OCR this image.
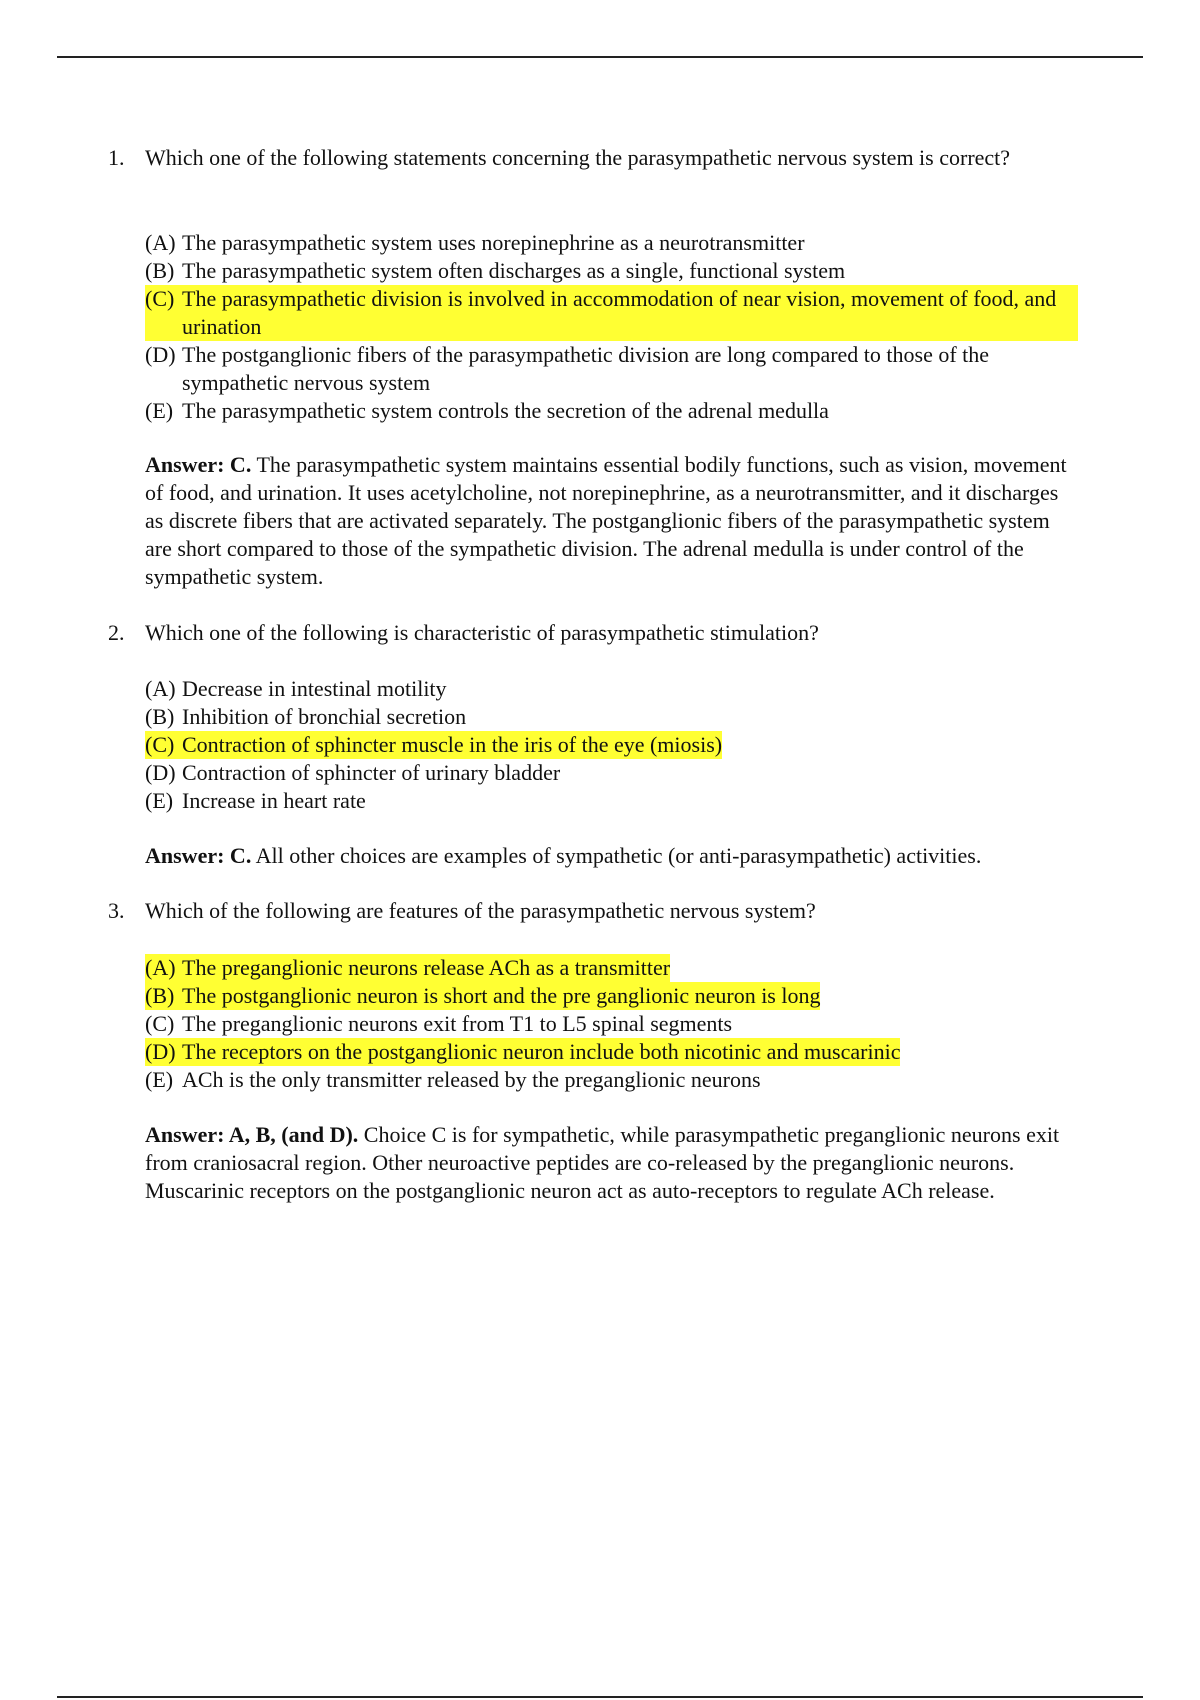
1. Which one of the following statements concerning the parasympathetic nervous system is correct?
(A) The parasympathetic system uses norepinephrine as a neurotransmitter
(B) The parasympathetic system often discharges as a single, functional system
(C) The parasympathetic division is involved in accommodation of near vision, movement of food, and urination
(D) The postganglionic fibers of the parasympathetic division are long compared to those of the sympathetic nervous system
(E) The parasympathetic system controls the secretion of the adrenal medulla
Answer: C. The parasympathetic system maintains essential bodily functions, such as vision, movement of food, and urination. It uses acetylcholine, not norepinephrine, as a neurotransmitter, and it discharges as discrete fibers that are activated separately. The postganglionic fibers of the parasympathetic system are short compared to those of the sympathetic division. The adrenal medulla is under control of the sympathetic system.
2. Which one of the following is characteristic of parasympathetic stimulation?
(A) Decrease in intestinal motility
(B) Inhibition of bronchial secretion
(C) Contraction of sphincter muscle in the iris of the eye (miosis)
(D) Contraction of sphincter of urinary bladder
(E) Increase in heart rate
Answer: C. All other choices are examples of sympathetic (or anti-parasympathetic) activities.
3. Which of the following are features of the parasympathetic nervous system?
(A) The preganglionic neurons release ACh as a transmitter
(B) The postganglionic neuron is short and the pre ganglionic neuron is long
(C) The preganglionic neurons exit from T1 to L5 spinal segments
(D) The receptors on the postganglionic neuron include both nicotinic and muscarinic
(E) ACh is the only transmitter released by the preganglionic neurons
Answer: A, B, (and D). Choice C is for sympathetic, while parasympathetic preganglionic neurons exit from craniosacral region. Other neuroactive peptides are co-released by the preganglionic neurons. Muscarinic receptors on the postganglionic neuron act as auto-receptors to regulate ACh release.
